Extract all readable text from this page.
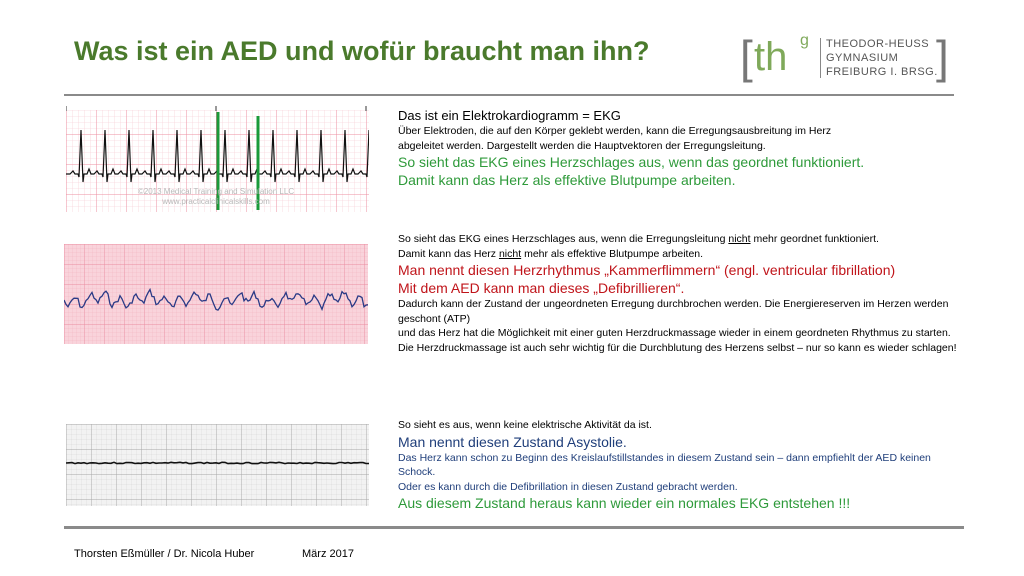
Was ist ein AED und wofür braucht man ihn? [ th g THEODOR-HEUSS
GYMNASIUM
FREIBURG I. BRSG.
]
©2013 Medical Training and Simulation LLC
www.practicalclinicalskills.com

Das ist ein Elektrokardiogramm = EKG

Über Elektroden, die auf den Körper geklebt werden, kann die Erregungsausbreitung im Herz

abgeleitet werden. Dargestellt werden die Hauptvektoren der Erregungsleitung.

So sieht das EKG eines Herzschlages aus, wenn das geordnet funktioniert.

Damit kann das Herz als effektive Blutpumpe arbeiten.

So sieht das EKG eines Herzschlages aus, wenn die Erregungsleitung nicht mehr geordnet funktioniert.

Damit kann das Herz nicht mehr als effektive Blutpumpe arbeiten.

Man nennt diesen Herzrhythmus „Kammerflimmern“ (engl. ventricular fibrillation)

Mit dem AED kann man dieses „Defibrillieren“.

Dadurch kann der Zustand der ungeordneten Erregung durchbrochen werden. Die Energiereserven im Herzen werden geschont (ATP)

und das Herz hat die Möglichkeit mit einer guten Herzdruckmassage wieder in einem geordneten Rhythmus zu starten.

Die Herzdruckmassage ist auch sehr wichtig für die Durchblutung des Herzens selbst – nur so kann es wieder schlagen!

So sieht es aus, wenn keine elektrische Aktivität da ist.

Man nennt diesen Zustand Asystolie.

Das Herz kann schon zu Beginn des Kreislaufstillstandes in diesem Zustand sein – dann empfiehlt der AED keinen Schock.

Oder es kann durch die Defibrillation in diesen Zustand gebracht werden.

Aus diesem Zustand heraus kann wieder ein normales EKG entstehen !!!

Thorsten Eßmüller / Dr. Nicola Huber	März 2017
